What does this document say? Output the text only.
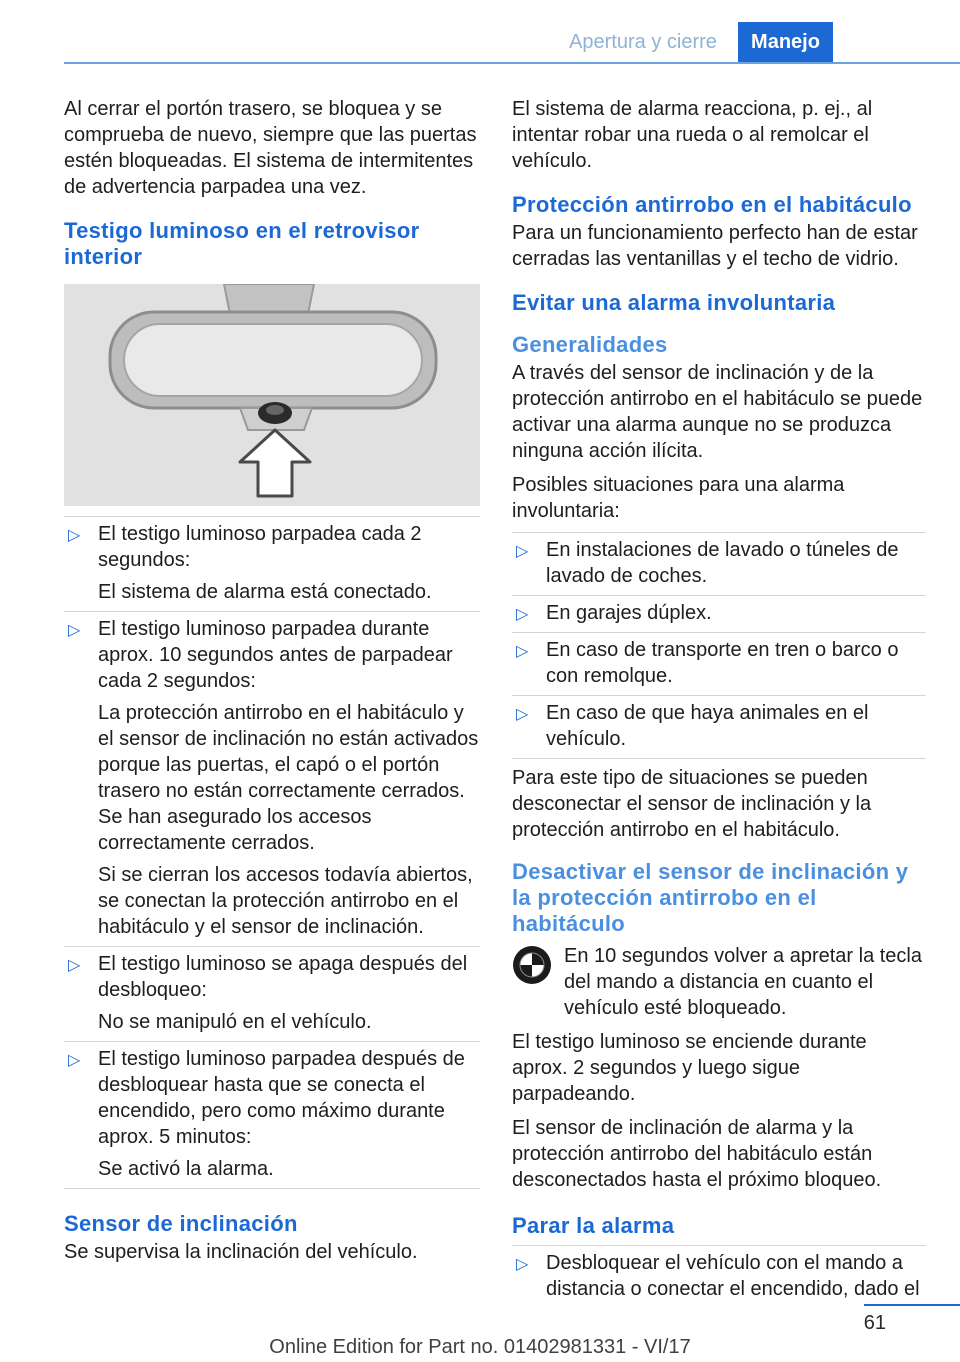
Apertura y cierre	Manejo

Al cerrar el portón trasero, se bloquea y se comprueba de nuevo, siempre que las puertas estén bloqueadas. El sistema de intermitentes de advertencia parpadea una vez.

Testigo luminoso en el retrovisor interior
▷ El testigo luminoso parpadea cada 2 segundos:

El sistema de alarma está conectado.

▷ El testigo luminoso parpadea durante aprox. 10 segundos antes de parpadear cada 2 segundos:

La protección antirrobo en el habitáculo y el sensor de inclinación no están activados porque las puertas, el capó o el portón trasero no están correctamente cerrados. Se han asegurado los accesos correctamente cerrados.

Si se cierran los accesos todavía abiertos, se conectan la protección antirrobo en el habitáculo y el sensor de inclinación.

▷ El testigo luminoso se apaga después del desbloqueo:

No se manipuló en el vehículo.

▷ El testigo luminoso parpadea después de desbloquear hasta que se conecta el encendido, pero como máximo durante aprox. 5 minutos:

Se activó la alarma.

Sensor de inclinación

Se supervisa la inclinación del vehículo.

El sistema de alarma reacciona, p. ej., al intentar robar una rueda o al remolcar el vehículo.

Protección antirrobo en el habitáculo

Para un funcionamiento perfecto han de estar cerradas las ventanillas y el techo de vidrio.

Evitar una alarma involuntaria
Generalidades

A través del sensor de inclinación y de la protección antirrobo en el habitáculo se puede activar una alarma aunque no se produzca ninguna acción ilícita.

Posibles situaciones para una alarma involuntaria:

▷ En instalaciones de lavado o túneles de lavado de coches.
▷ En garajes dúplex.
▷ En caso de transporte en tren o barco o con remolque.
▷ En caso de que haya animales en el vehículo.

Para este tipo de situaciones se pueden desconectar el sensor de inclinación y la protección antirrobo en el habitáculo.

Desactivar el sensor de inclinación y la protección antirrobo en el habitáculo

En 10 segundos volver a apretar la tecla del mando a distancia en cuanto el vehículo esté bloqueado.

El testigo luminoso se enciende durante aprox. 2 segundos y luego sigue parpadeando.

El sensor de inclinación de alarma y la protección antirrobo del habitáculo están desconectados hasta el próximo bloqueo.

Parar la alarma
▷ Desbloquear el vehículo con el mando a distancia o conectar el encendido, dado el
61
Online Edition for Part no. 01402981331 - VI/17
